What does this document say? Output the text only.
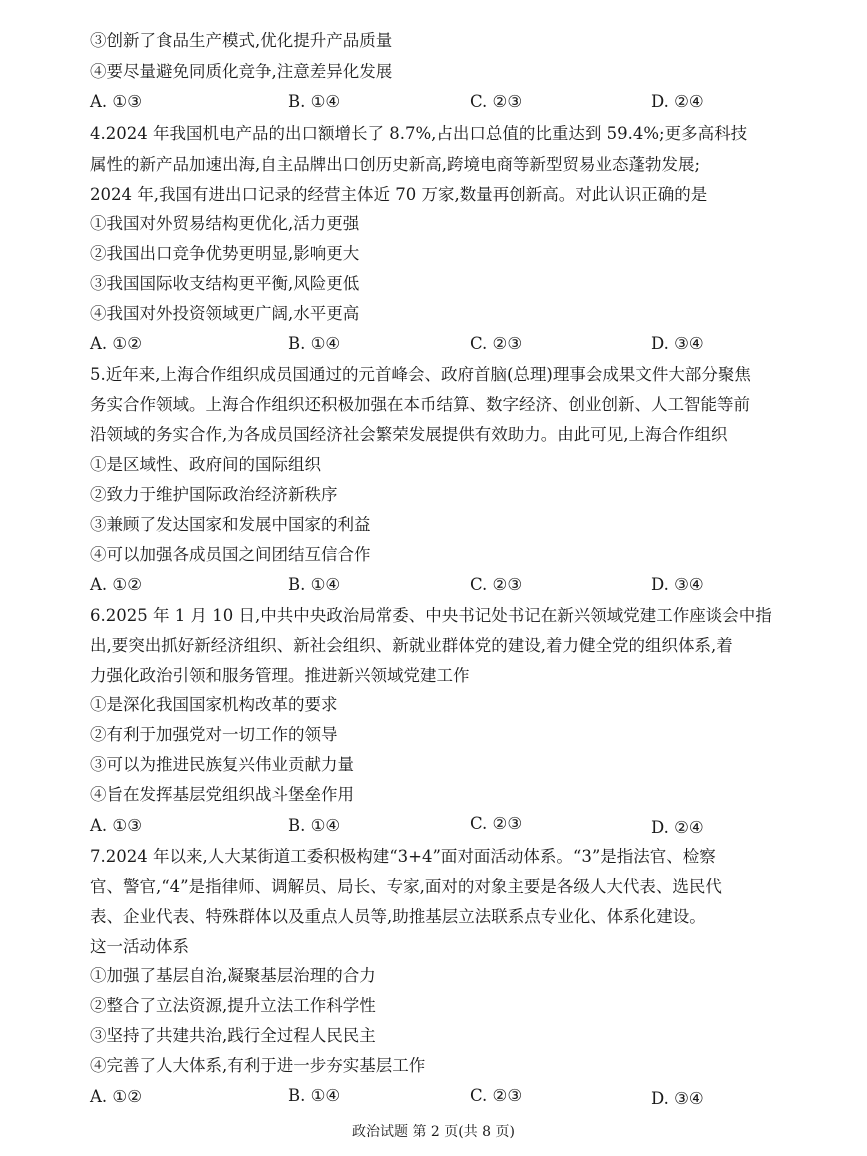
③创新了食品生产模式,优化提升产品质量
④要尽量避免同质化竞争,注意差异化发展
A. ①③	B. ①④	C. ②③	D. ②④
4.2024 年我国机电产品的出口额增长了 8.7%,占出口总值的比重达到 59.4%;更多高科技
属性的新产品加速出海,自主品牌出口创历史新高,跨境电商等新型贸易业态蓬勃发展;
2024 年,我国有进出口记录的经营主体近 70 万家,数量再创新高。对此认识正确的是
①我国对外贸易结构更优化,活力更强
②我国出口竞争优势更明显,影响更大
③我国国际收支结构更平衡,风险更低
④我国对外投资领域更广阔,水平更高
A. ①②	B. ①④	C. ②③	D. ③④
5.近年来,上海合作组织成员国通过的元首峰会、政府首脑(总理)理事会成果文件大部分聚焦
务实合作领域。上海合作组织还积极加强在本币结算、数字经济、创业创新、人工智能等前
沿领域的务实合作,为各成员国经济社会繁荣发展提供有效助力。由此可见,上海合作组织
①是区域性、政府间的国际组织
②致力于维护国际政治经济新秩序
③兼顾了发达国家和发展中国家的利益
④可以加强各成员国之间团结互信合作
A. ①②	B. ①④	C. ②③	D. ③④
6.2025 年 1 月 10 日,中共中央政治局常委、中央书记处书记在新兴领域党建工作座谈会中指
出,要突出抓好新经济组织、新社会组织、新就业群体党的建设,着力健全党的组织体系,着
力强化政治引领和服务管理。推进新兴领域党建工作
①是深化我国国家机构改革的要求
②有利于加强党对一切工作的领导
③可以为推进民族复兴伟业贡献力量
④旨在发挥基层党组织战斗堡垒作用
A. ①③	B. ①④	C. ②③	D. ②④
7.2024 年以来,人大某街道工委积极构建“3+4”面对面活动体系。“3”是指法官、检察
官、警官,“4”是指律师、调解员、局长、专家,面对的对象主要是各级人大代表、选民代
表、企业代表、特殊群体以及重点人员等,助推基层立法联系点专业化、体系化建设。
这一活动体系
①加强了基层自治,凝聚基层治理的合力
②整合了立法资源,提升立法工作科学性
③坚持了共建共治,践行全过程人民民主
④完善了人大体系,有利于进一步夯实基层工作
A. ①②	B. ①④	C. ②③	D. ③④
政治试题 第 2 页(共 8 页)
